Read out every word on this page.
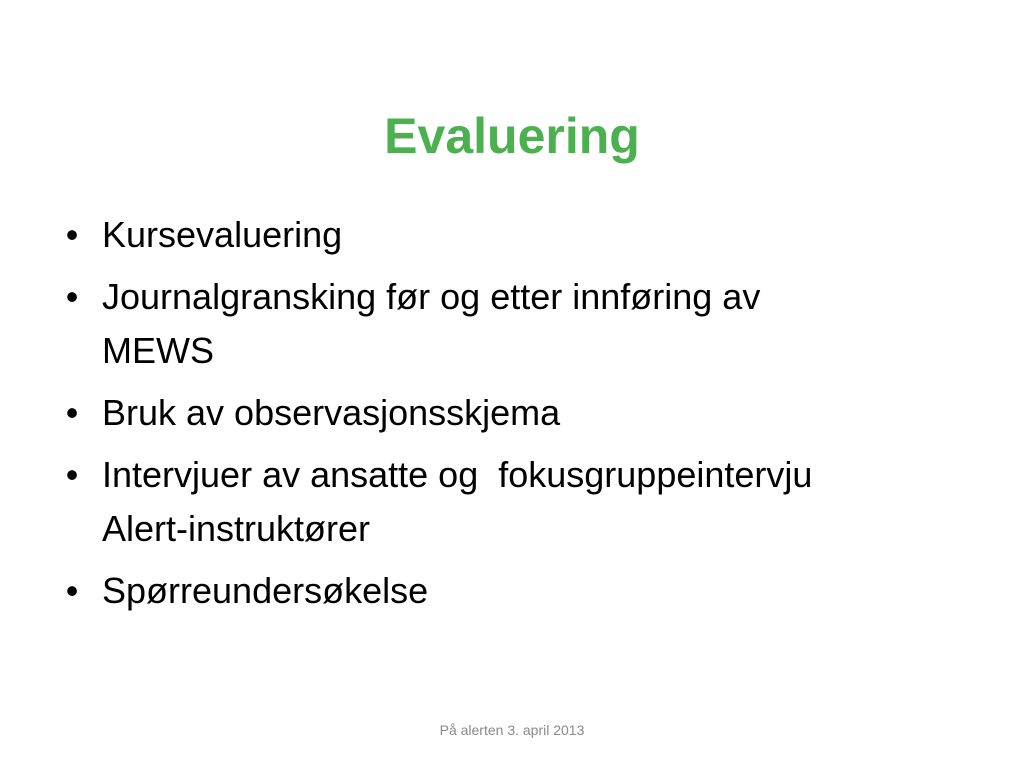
Evaluering
• Kursevaluering
• Journalgransking før og etter innføring av
MEWS
• Bruk av observasjonsskjema
• Intervjuer av ansatte og  fokusgruppeintervju
Alert-instruktører
• Spørreundersøkelse
På alerten 3. april 2013
